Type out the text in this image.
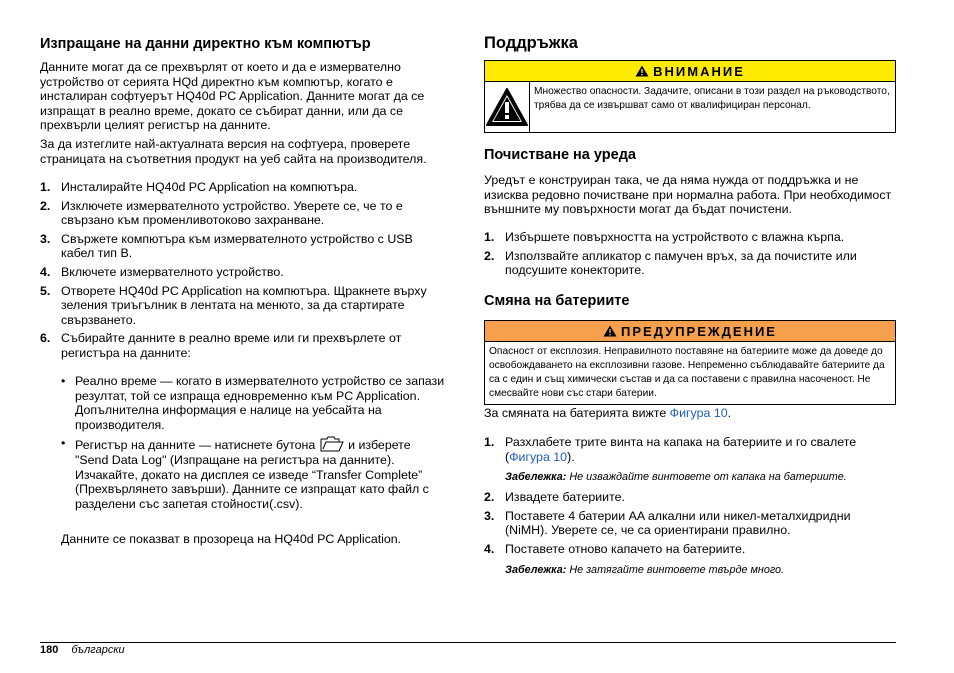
Изпращане на данни директно към компютър

Данните могат да се прехвърлят от което и да е измервателно устройство от серията HQd директно към компютър, когато е инсталиран софтуерът HQ40d PC Application. Данните могат да се изпращат в реално време, докато се събират данни, или да се прехвърли целият регистър на данните.

За да изтеглите най-актуалната версия на софтуера, проверете страницата на съответния продукт на уеб сайта на производителя.

1. Инсталирайте HQ40d PC Application на компютъра.
2. Изключете измервателното устройство. Уверете се, че то е свързано към променливотоково захранване.
3. Свържете компютъра към измервателното устройство с USB кабел тип B.
4. Включете измервателното устройство.
5. Отворете HQ40d PC Application на компютъра. Щракнете върху зеления триъгълник в лентата на менюто, за да стартирате свързването.
6. Събирайте данните в реално време или ги прехвърлете от регистъра на данните:
• Реално време — когато в измервателното устройство се запази резултат, той се изпраща едновременно към PC Application.
Допълнителна информация е налице на уебсайта на производителя.
• Регистър на данните — натиснете бутона	и изберете "Send Data Log" (Изпращане на регистъра на данните). Изчакайте, докато на дисплея се изведе “Transfer Complete” (Прехвърлянето завърши). Данните се изпращат като файл с разделени със запетая стойности(.csv).

Данните се показват в прозореца на HQ40d PC Application.

Поддръжка
ВНИМАНИЕ
Множество опасности. Задачите, описани в този раздел на ръководството, трябва да се извършват само от квалифициран персонал.
Почистване на уреда

Уредът е конструиран така, че да няма нужда от поддръжка и не изисква редовно почистване при нормална работа. При необходимост външните му повърхности могат да бъдат почистени.

1. Избършете повърхността на устройството с влажна кърпа.
2. Използвайте апликатор с памучен връх, за да почистите или подсушите конекторите.
Смяна на батериите
ПРЕДУПРЕЖДЕНИЕ
Опасност от експлозия. Неправилното поставяне на батериите може да доведе до освобождаването на експлозивни газове. Непременно съблюдавайте батериите да са с един и същ химически състав и да са поставени с правилна насоченост. Не смесвайте нови със стари батерии.

За смяната на батерията вижте Фигура 10.

1. Разхлабете трите винта на капака на батериите и го свалете (Фигура 10).
Забележка: Не изваждайте винтовете от капака на батериите.
2. Извадете батериите.
3. Поставете 4 батерии AA алкални или никел-металхидридни (NiMH). Уверете се, че са ориентирани правилно.
4. Поставете отново капачето на батериите.
Забележка: Не затягайте винтовете твърде много.
180 български
